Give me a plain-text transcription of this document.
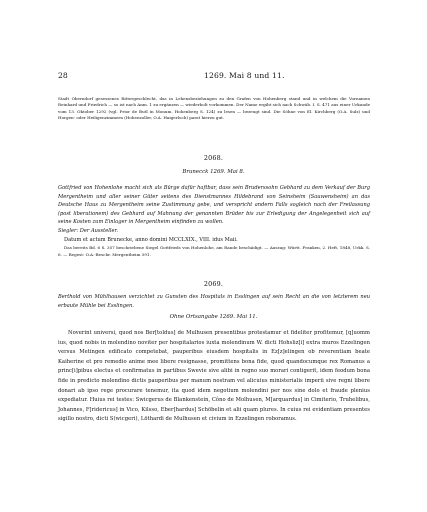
28	1269. Mai 8 und 11.

Stadt Oberndorf gesessenes Rittergeschlecht, das in Lehensbeziehungen zu den Grafen von Hohenberg stand und in welchem die Vornamen Reinhard und Friedrich — so ist nach Anm. 1 zu ergänzen — wiederholt vorkommen. Der Name ergibt sich nach Schwäb. I. S. 471 aus einer Urkunde vom 13. Oktober 1292 (vgl. Prior de Butl in Monum. Hohenberg S. 124) zu lesen — bezeugt sind. Die Söhne von El. Kirchberg (O.A. Sulz) und Horgen- oder Heiligenzimmern (Hohenzoller, O.A. Haigerloch) passt hierzu gut.

2068.
Brunecck 1269. Mai 8.

Gottfried von Hohenlohe macht sich als Bürge dafür haftbar, dass sein Bruderssohn Gebhard zu dem Verkauf der Burg Mergentheim und aller seiner Güter seitens des Dienstmannes Hildebrand von Seinsheim (Sauwensheim) an das Deutsche Haus zu Mergentheim seine Zustimmung gebe, und verspricht andern Falls sogleich nach der Freilassung (post liberationem) des Gebhard auf Mahnung der genannten Brüder bis zur Erledigung der Angelegenheit sich auf seine Kosten zum Einlager in Mergentheim einfinden zu wollen.

Siegler: Der Aussteller.

Datum et actum Brunecke, anno domini MCCLXIX., VIII. idus Maii.

Das bereits Bd. 6 S. 357 beschriebene Siegel Gottfrieds von Hohenlohe, am Rande beschädigt. — Auszug: Württ. Franken, 2. Heft, 1848, Urkk. S. 6. — Regest: O.A.-Beschr. Mergentheim 391.

2069.

Berthold von Mühlhausen verzichtet zu Gunsten des Hospitals in Esslingen auf sein Recht an die von letzterem neu erbaute Mühle bei Esslingen.

Ohne Ortsangabe 1269. Mai 11.

Noverint universi, quod nos Ber[toldus] de Mulhusen presentibus protestamur et fideliter profitemur, [q]uomm ius, quod nobis in molendino noviter per hospitalarios iuxta molendinum W. dicti Hohsliz[i] extra muros Ezzelingen versus Metingen edificato competebat, pauperibus eiusdem hospitalis in Ez[z]elingen ob reverentiam beate Kaiherine et pro remedio anime mee libere resignasse, promittens bona fide, quod quandocumque rex Romanus a princ[i]pibus electus et confirmatus in partibus Swevie sive alibi in regno suo morari contigerit, idem feodum bona fide in predicto molendino dictis pauperibus per manum nostram vel alicuius ministerialis imperii sive regni libere donari ab ipso rege procurare tenemur, ita quod idem negotium molendini per nos sine dolo et fraude plenius expediatur. Huius rei testes: Swicgerus de Blankenstein, Côno de Molhusen, M[arquardus] in Cimiterio, Truhelibus, Johannes, F[ridericus] in Vico, Kilsso, Eber[hardus] Schöbelin et alii quam plures. In cuius rei evidentiam presentes sigillo nostro, dicti S(wicgeri), Löthardi de Mulhusen et civium in Ezzelingen roboramus.
